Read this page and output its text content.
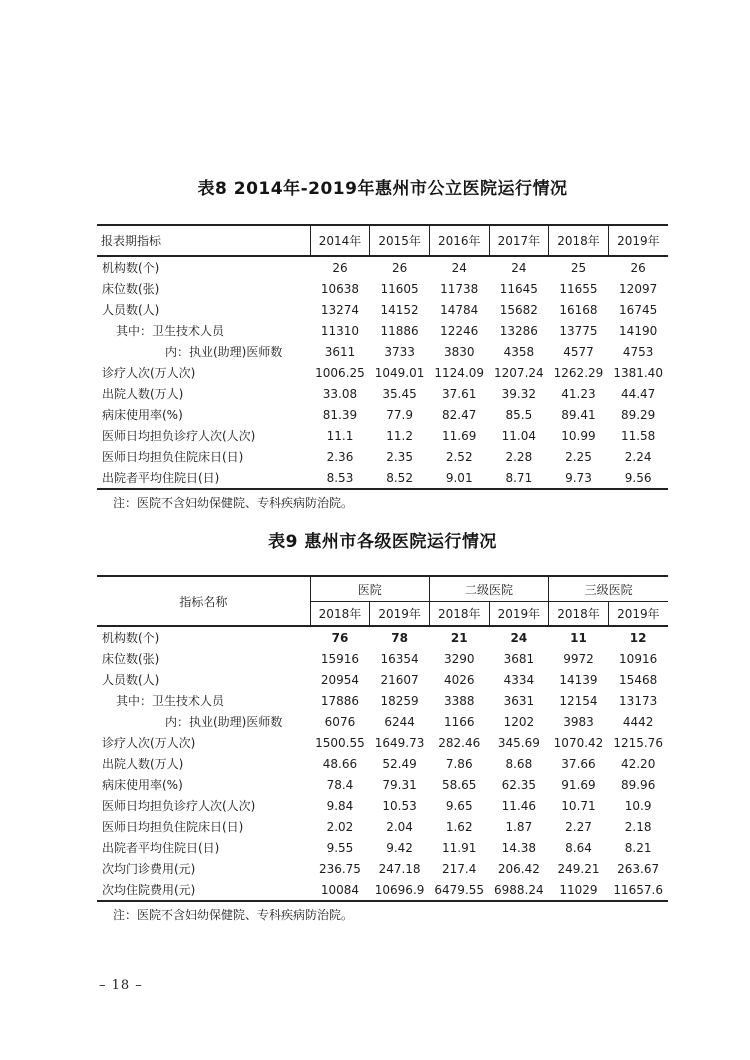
表8 2014年-2019年惠州市公立医院运行情况
报表期指标	2014年	2015年	2016年	2017年	2018年	2019年
机构数(个)	26	26	24	24	25	26
床位数(张)	10638	11605	11738	11645	11655	12097
人员数(人)	13274	14152	14784	15682	16168	16745
其中：卫生技术人员	11310	11886	12246	13286	13775	14190
内：执业(助理)医师数	3611	3733	3830	4358	4577	4753
诊疗人次(万人次)	1006.25	1049.01	1124.09	1207.24	1262.29	1381.40
出院人数(万人)	33.08	35.45	37.61	39.32	41.23	44.47
病床使用率(%)	81.39	77.9	82.47	85.5	89.41	89.29
医师日均担负诊疗人次(人次)	11.1	11.2	11.69	11.04	10.99	11.58
医师日均担负住院床日(日)	2.36	2.35	2.52	2.28	2.25	2.24
出院者平均住院日(日)	8.53	8.52	9.01	8.71	9.73	9.56
注：医院不含妇幼保健院、专科疾病防治院。
表9 惠州市各级医院运行情况
指标名称	医院		二级医院		三级医院	
	2018年	2019年	2018年	2019年	2018年	2019年
机构数(个)	76	78	21	24	11	12
床位数(张)	15916	16354	3290	3681	9972	10916
人员数(人)	20954	21607	4026	4334	14139	15468
其中：卫生技术人员	17886	18259	3388	3631	12154	13173
内：执业(助理)医师数	6076	6244	1166	1202	3983	4442
诊疗人次(万人次)	1500.55	1649.73	282.46	345.69	1070.42	1215.76
出院人数(万人)	48.66	52.49	7.86	8.68	37.66	42.20
病床使用率(%)	78.4	79.31	58.65	62.35	91.69	89.96
医师日均担负诊疗人次(人次)	9.84	10.53	9.65	11.46	10.71	10.9
医师日均担负住院床日(日)	2.02	2.04	1.62	1.87	2.27	2.18
出院者平均住院日(日)	9.55	9.42	11.91	14.38	8.64	8.21
次均门诊费用(元)	236.75	247.18	217.4	206.42	249.21	263.67
次均住院费用(元)	10084	10696.9	6479.55	6988.24	11029	11657.6
注：医院不含妇幼保健院、专科疾病防治院。
– 18 –
